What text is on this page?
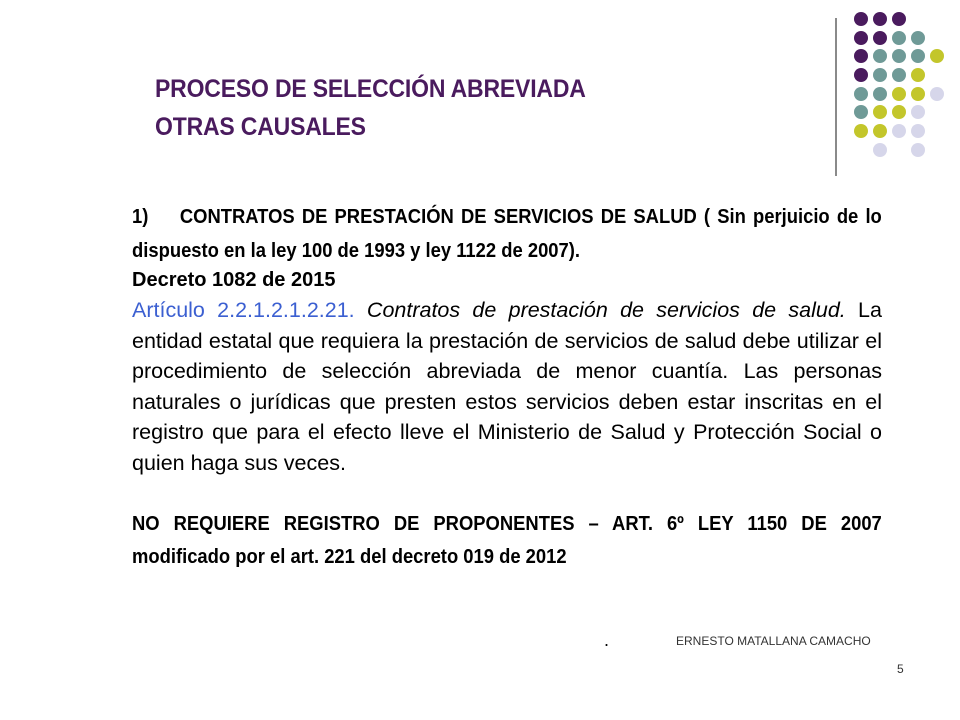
PROCESO DE SELECCIÓN ABREVIADA
OTRAS CAUSALES
1) CONTRATOS DE PRESTACIÓN DE SERVICIOS DE SALUD ( Sin perjuicio de lo dispuesto en la ley 100 de 1993 y ley 1122 de 2007).
Decreto 1082 de 2015
Artículo 2.2.1.2.1.2.21. Contratos de prestación de servicios de salud. La entidad estatal que requiera la prestación de servicios de salud debe utilizar el procedimiento de selección abreviada de menor cuantía. Las personas naturales o jurídicas que presten estos servicios deben estar inscritas en el registro que para el efecto lleve el Ministerio de Salud y Protección Social o quien haga sus veces.
NO REQUIERE REGISTRO DE PROPONENTES – ART. 6º LEY 1150 DE 2007 modificado por el art. 221 del decreto 019 de 2012
.	ERNESTO MATALLANA CAMACHO
5
